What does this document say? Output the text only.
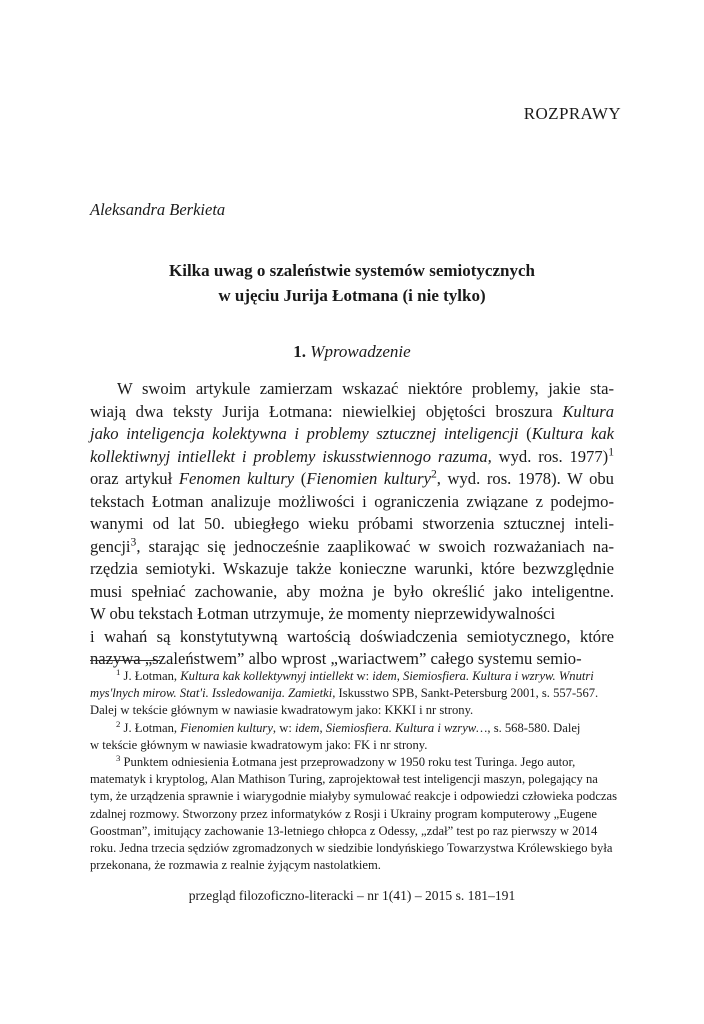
ROZPRAWY
Aleksandra Berkieta
Kilka uwag o szaleństwie systemów semiotycznych
w ujęciu Jurija Łotmana (i nie tylko)
1. Wprowadzenie
W swoim artykule zamierzam wskazać niektóre problemy, jakie sta-
wiają dwa teksty Jurija Łotmana: niewielkiej objętości broszura Kultura
jako inteligencja kolektywna i problemy sztucznej inteligencji (Kultura kak
kollektiwnyj intiellekt i problemy iskusstwiennogo razuma, wyd. ros. 1977)$^1$
oraz artykuł Fenomen kultury (Fienomien kultury$^2$, wyd. ros. 1978). W obu
tekstach Łotman analizuje możliwości i ograniczenia związane z podejmo-
wanymi od lat 50. ubiegłego wieku próbami stworzenia sztucznej inteli-
gencji$^3$, starając się jednocześnie zaaplikować w swoich rozważaniach na-
rzędzia semiotyki. Wskazuje także konieczne warunki, które bezwzględnie
musi spełniać zachowanie, aby można je było określić jako inteligentne.
W obu tekstach Łotman utrzymuje, że momenty nieprzewidywalności
i wahań są konstytutywną wartością doświadczenia semiotycznego, które
nazywa „szaleństwem” albo wprost „wariactwem” całego systemu semio-
$^1$ J. Łotman, Kultura kak kollektywnyj intiellekt w: idem, Siemiosfiera. Kultura i wzryw. Wnutri
mys'lnych mirow. Stat'i. Issledowanija. Zamietki, Iskusstwo SPB, Sankt-Petersburg 2001, s. 557-567.
Dalej w tekście głównym w nawiasie kwadratowym jako: KKKI i nr strony.
$^2$ J. Łotman, Fienomien kultury, w: idem, Siemiosfiera. Kultura i wzryw…, s. 568-580. Dalej
w tekście głównym w nawiasie kwadratowym jako: FK i nr strony.
$^3$ Punktem odniesienia Łotmana jest przeprowadzony w 1950 roku test Turinga. Jego autor,
matematyk i kryptolog, Alan Mathison Turing, zaprojektował test inteligencji maszyn, polegający na
tym, że urządzenia sprawnie i wiarygodnie miałyby symulować reakcje i odpowiedzi człowieka podczas
zdalnej rozmowy. Stworzony przez informatyków z Rosji i Ukrainy program komputerowy „Eugene
Goostman”, imitujący zachowanie 13-letniego chłopca z Odessy, „zdał” test po raz pierwszy w 2014
roku. Jedna trzecia sędziów zgromadzonych w siedzibie londyńskiego Towarzystwa Królewskiego była
przekonana, że rozmawia z realnie żyjącym nastolatkiem.
przegląd filozoficzno-literacki – nr 1(41) – 2015 s. 181–191
